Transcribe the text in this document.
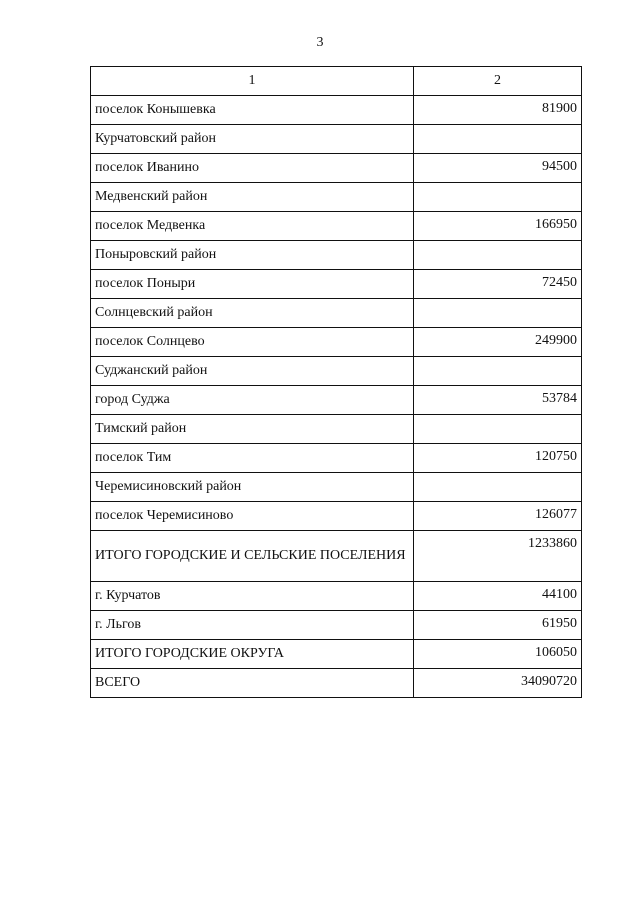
3
1	2
поселок Конышевка	81900
Курчатовский район	
поселок Иванино	94500
Медвенский район	
поселок Медвенка	166950
Поныровский район	
поселок Поныри	72450
Солнцевский район	
поселок Солнцево	249900
Суджанский район	
город Суджа	53784
Тимский район	
поселок Тим	120750
Черемисиновский район	
поселок Черемисиново	126077
ИТОГО ГОРОДСКИЕ И СЕЛЬСКИЕ ПОСЕЛЕНИЯ	1233860
г. Курчатов	44100
г. Льгов	61950
ИТОГО ГОРОДСКИЕ ОКРУГА	106050
ВСЕГО	34090720
